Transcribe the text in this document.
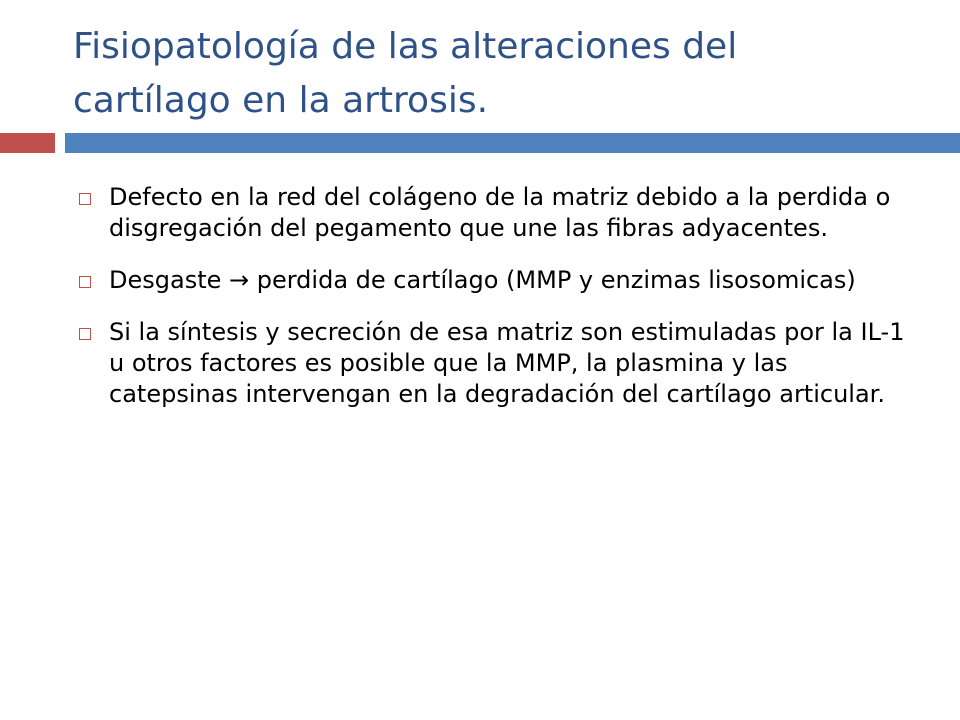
Fisiopatología de las alteraciones del
cartílago en la artrosis.
Defecto en la red del colágeno de la matriz debido a la perdida o disgregación del pegamento que une las fibras adyacentes.
Desgaste → perdida de cartílago (MMP y enzimas lisosomicas)
Si la síntesis y secreción de esa matriz son estimuladas por la IL-1 u otros factores es posible que la MMP, la plasmina y las catepsinas intervengan en la degradación del cartílago articular.
